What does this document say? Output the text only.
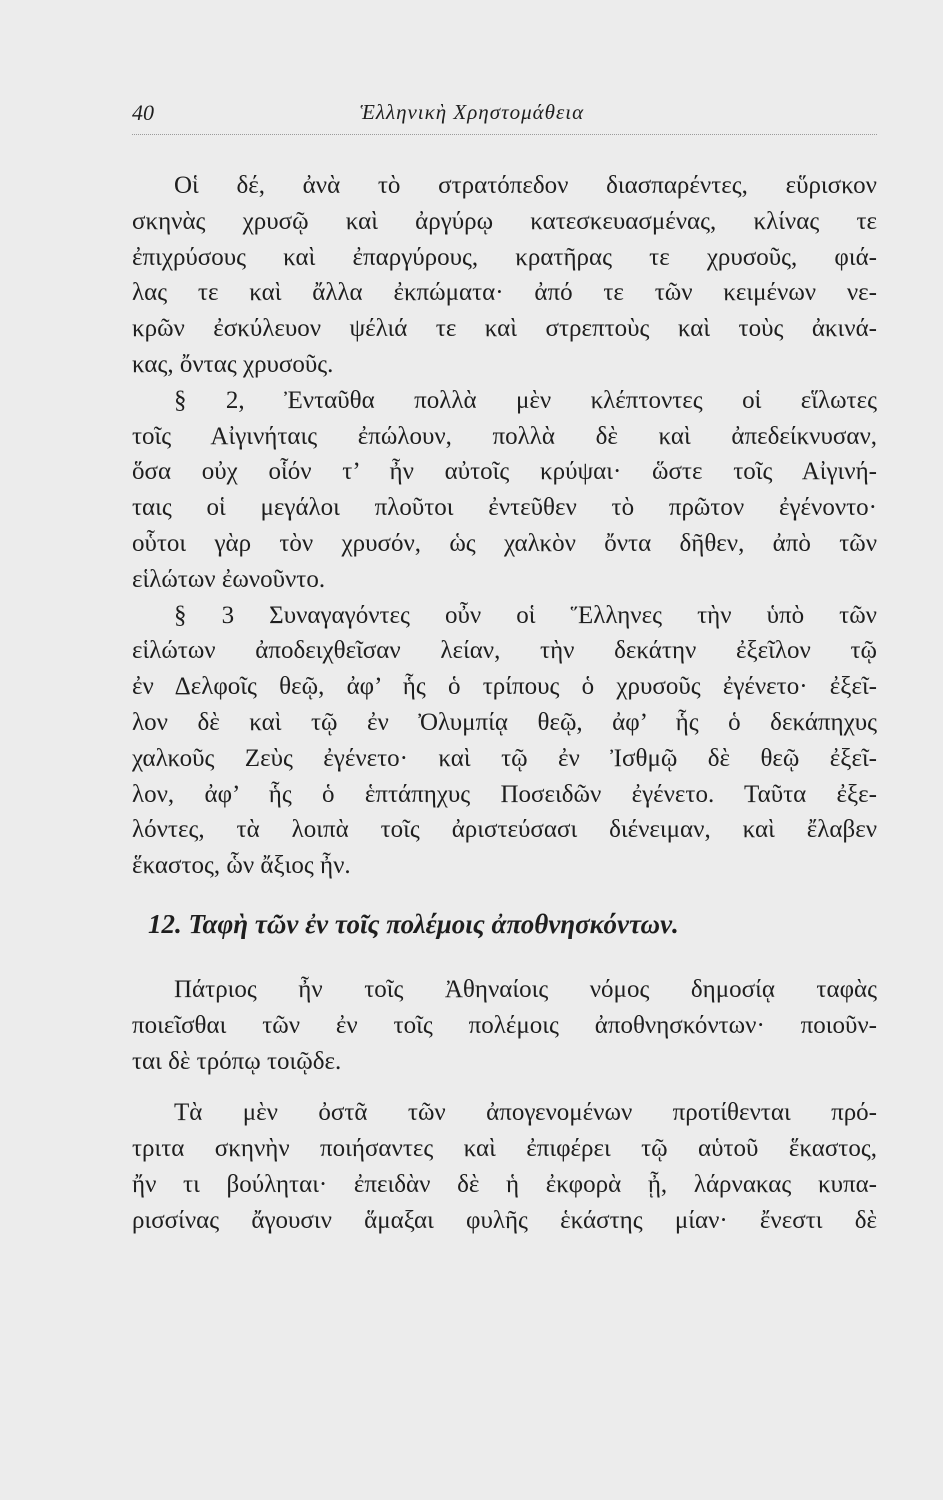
40	Ἑλληνικὴ Χρηστομάθεια
Οἱ δέ, ἀνὰ τὸ στρατόπεδον διασπαρέντες, εὕρισκον
σκηνὰς χρυσῷ καὶ ἀργύρῳ κατεσκευασμένας, κλίνας τε
ἐπιχρύσους καὶ ἐπαργύρους, κρατῆρας τε χρυσοῦς, φιά-
λας τε καὶ ἄλλα ἐκπώματα· ἀπό τε τῶν κειμένων νε-
κρῶν ἐσκύλευον ψέλιά τε καὶ στρεπτοὺς καὶ τοὺς ἀκινά-
κας, ὄντας χρυσοῦς.
§ 2, Ἐνταῦθα πολλὰ μὲν κλέπτοντες οἱ εἵλωτες
τοῖς Αἰγινήταις ἐπώλουν, πολλὰ δὲ καὶ ἀπεδείκνυσαν,
ὅσα οὐχ οἷόν τ’ ἦν αὐτοῖς κρύψαι· ὥστε τοῖς Αἰγινή-
ταις οἱ μεγάλοι πλοῦτοι ἐντεῦθεν τὸ πρῶτον ἐγένοντο·
οὗτοι γὰρ τὸν χρυσόν, ὡς χαλκὸν ὄντα δῆθεν, ἀπὸ τῶν
εἱλώτων ἐωνοῦντο.
§ 3 Συναγαγόντες οὖν οἱ Ἕλληνες τὴν ὑπὸ τῶν
εἱλώτων ἀποδειχθεῖσαν λείαν, τὴν δεκάτην ἐξεῖλον τῷ
ἐν Δελφοῖς θεῷ, ἀφ’ ἧς ὁ τρίπους ὁ χρυσοῦς ἐγένετο· ἐξεῖ-
λον δὲ καὶ τῷ ἐν Ὀλυμπίᾳ θεῷ, ἀφ’ ἧς ὁ δεκάπηχυς
χαλκοῦς Ζεὺς ἐγένετο· καὶ τῷ ἐν Ἰσθμῷ δὲ θεῷ ἐξεῖ-
λον, ἀφ’ ἧς ὁ ἑπτάπηχυς Ποσειδῶν ἐγένετο. Ταῦτα ἐξε-
λόντες, τὰ λοιπὰ τοῖς ἀριστεύσασι διένειμαν, καὶ ἔλαβεν
ἕκαστος, ὧν ἄξιος ἦν.
12. Ταφὴ τῶν ἐν τοῖς πολέμοις ἀποθνησκόντων.
Πάτριος ἦν τοῖς Ἀθηναίοις νόμος δημοσίᾳ ταφὰς
ποιεῖσθαι τῶν ἐν τοῖς πολέμοις ἀποθνησκόντων· ποιοῦν-
ται δὲ τρόπῳ τοιῷδε.
Τὰ μὲν ὀστᾶ τῶν ἀπογενομένων προτίθενται πρό-
τριτα σκηνὴν ποιήσαντες καὶ ἐπιφέρει τῷ αὑτοῦ ἕκαστος,
ἤν τι βούληται· ἐπειδὰν δὲ ἡ ἐκφορὰ ᾖ, λάρνακας κυπα-
ρισσίνας ἄγουσιν ἅμαξαι φυλῆς ἑκάστης μίαν· ἔνεστι δὲ
